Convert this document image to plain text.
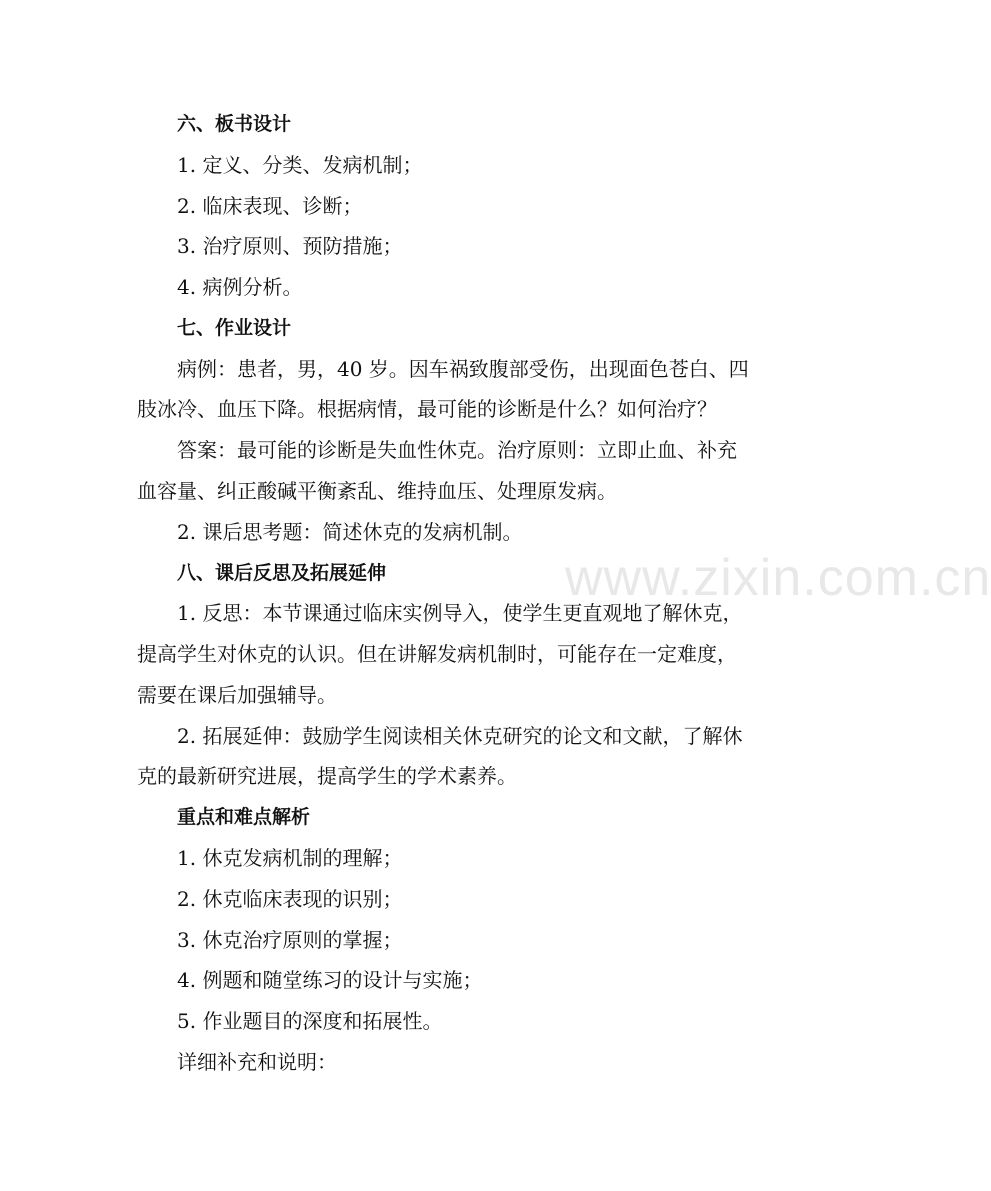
六、板书设计
1. 定义、分类、发病机制；
2. 临床表现、诊断；
3. 治疗原则、预防措施；
4. 病例分析。
七、作业设计
病例：患者，男，40 岁。因车祸致腹部受伤，出现面色苍白、四
肢冰冷、血压下降。根据病情，最可能的诊断是什么？如何治疗？
答案：最可能的诊断是失血性休克。治疗原则：立即止血、补充
血容量、纠正酸碱平衡紊乱、维持血压、处理原发病。
2. 课后思考题：简述休克的发病机制。
八、课后反思及拓展延伸
1. 反思：本节课通过临床实例导入，使学生更直观地了解休克，
提高学生对休克的认识。但在讲解发病机制时，可能存在一定难度，
需要在课后加强辅导。
2. 拓展延伸：鼓励学生阅读相关休克研究的论文和文献，了解休
克的最新研究进展，提高学生的学术素养。
重点和难点解析
1. 休克发病机制的理解；
2. 休克临床表现的识别；
3. 休克治疗原则的掌握；
4. 例题和随堂练习的设计与实施；
5. 作业题目的深度和拓展性。
详细补充和说明：
www.zixin.com.cn
